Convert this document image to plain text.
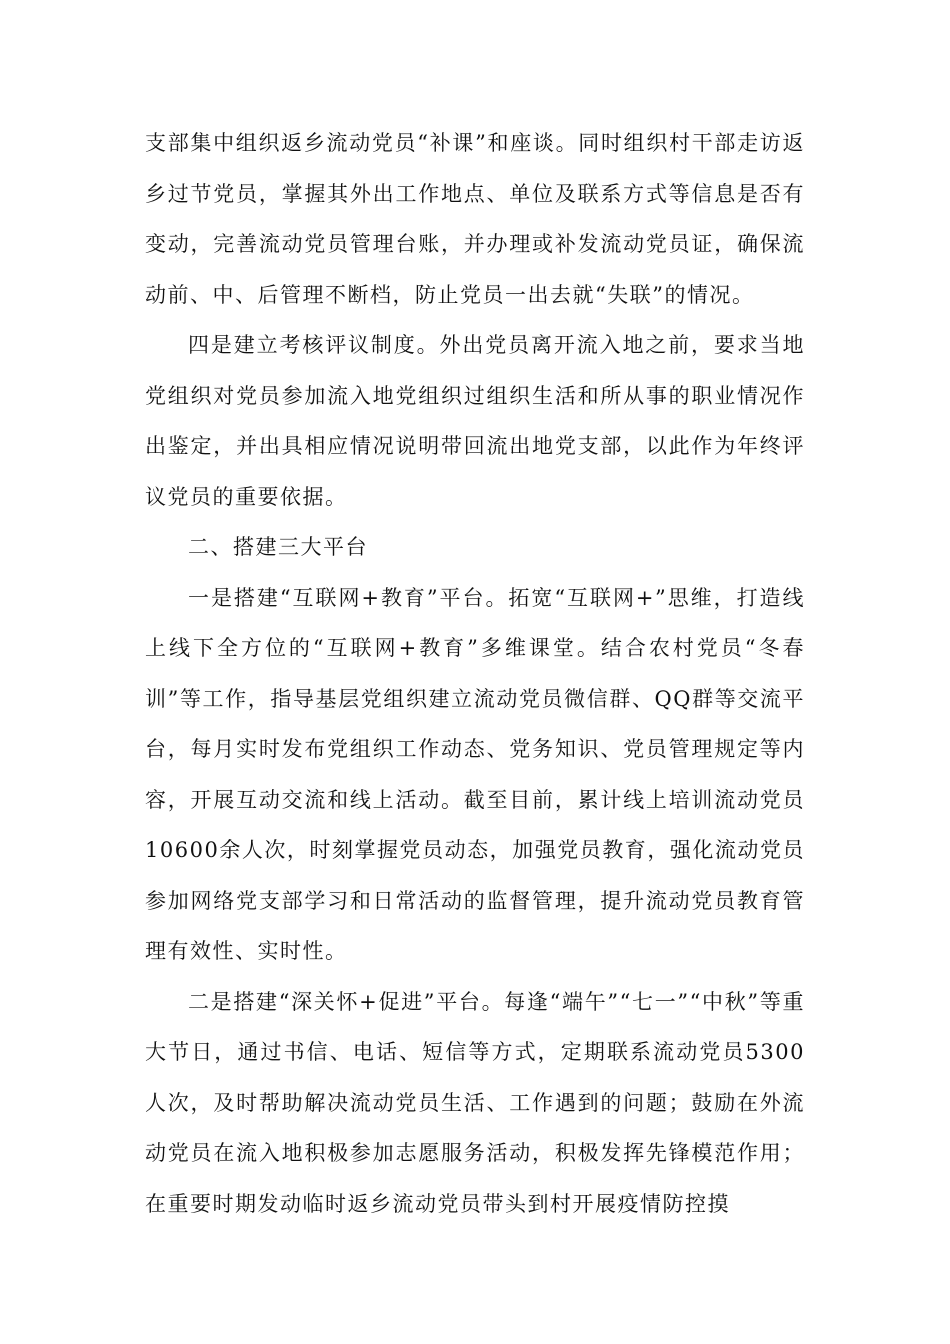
支部集中组织返乡流动党员“补课”和座谈。同时组织村干部走访返乡过节党员，掌握其外出工作地点、单位及联系方式等信息是否有变动，完善流动党员管理台账，并办理或补发流动党员证，确保流动前、中、后管理不断档，防止党员一出去就“失联”的情况。

四是建立考核评议制度。外出党员离开流入地之前，要求当地党组织对党员参加流入地党组织过组织生活和所从事的职业情况作出鉴定，并出具相应情况说明带回流出地党支部，以此作为年终评议党员的重要依据。

二、搭建三大平台

一是搭建“互联网+教育”平台。拓宽“互联网+”思维，打造线上线下全方位的“互联网+教育”多维课堂。结合农村党员“冬春训”等工作，指导基层党组织建立流动党员微信群、QQ群等交流平台，每月实时发布党组织工作动态、党务知识、党员管理规定等内容，开展互动交流和线上活动。截至目前，累计线上培训流动党员10600余人次，时刻掌握党员动态，加强党员教育，强化流动党员参加网络党支部学习和日常活动的监督管理，提升流动党员教育管理有效性、实时性。

二是搭建“深关怀+促进”平台。每逢“端午”“七一”“中秋”等重大节日，通过书信、电话、短信等方式，定期联系流动党员5300人次，及时帮助解决流动党员生活、工作遇到的问题；鼓励在外流动党员在流入地积极参加志愿服务活动，积极发挥先锋模范作用；在重要时期发动临时返乡流动党员带头到村开展疫情防控摸
